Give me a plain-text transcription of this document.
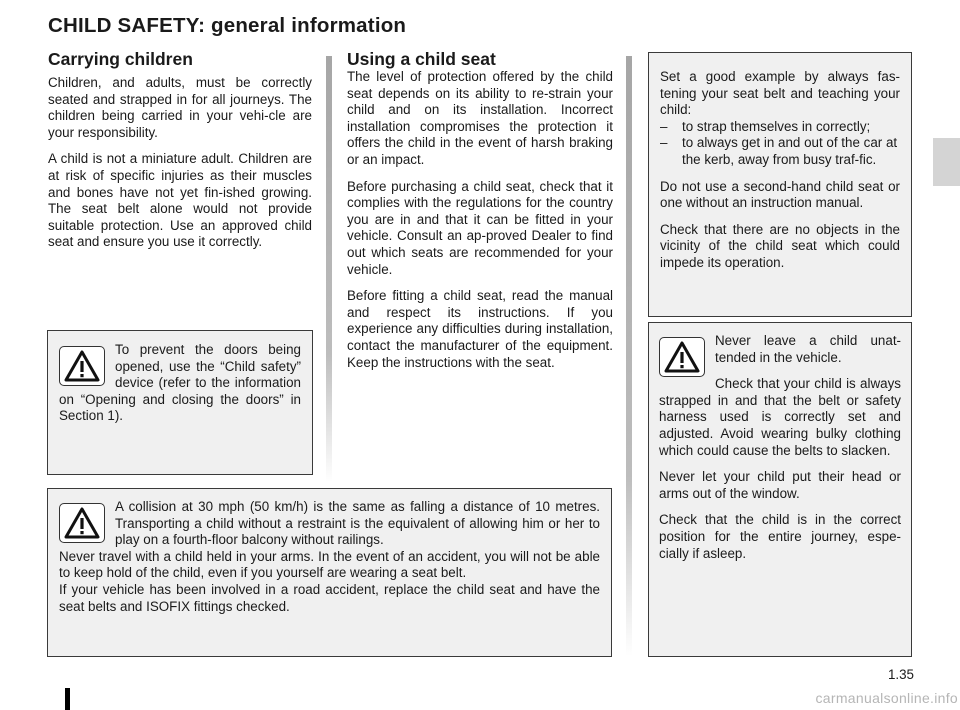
CHILD SAFETY: general information
Carrying children

Children, and adults, must be correctly seated and strapped in for all journeys. The children being carried in your vehi-cle are your responsibility.

A child is not a miniature adult. Children are at risk of specific injuries as their muscles and bones have not yet fin-ished growing. The seat belt alone would not provide suitable protection. Use an approved child seat and ensure you use it correctly.

Using a child seat

The level of protection offered by the child seat depends on its ability to re-strain your child and on its installation. Incorrect installation compromises the protection it offers the child in the event of harsh braking or an impact.

Before purchasing a child seat, check that it complies with the regulations for the country you are in and that it can be fitted in your vehicle. Consult an ap-proved Dealer to find out which seats are recommended for your vehicle.

Before fitting a child seat, read the manual and respect its instructions. If you experience any difficulties during installation, contact the manufacturer of the equipment. Keep the instructions with the seat.

Set a good example by always fas-tening your seat belt and teaching your child:

– to strap themselves in correctly;
– to always get in and out of the car at the kerb, away from busy traf-fic.

Do not use a second-hand child seat or one without an instruction manual.

Check that there are no objects in the vicinity of the child seat which could impede its operation.

To prevent the doors being opened, use the “Child safety” device (refer to the information on “Opening and closing the doors” in Section 1).

A collision at 30 mph (50 km/h) is the same as falling a distance of 10 metres. Transporting a child without a restraint is the equivalent of allowing him or her to play on a fourth-floor balcony without railings.

Never travel with a child held in your arms. In the event of an accident, you will not be able to keep hold of the child, even if you yourself are wearing a seat belt.

If your vehicle has been involved in a road accident, replace the child seat and have the seat belts and ISOFIX fittings checked.

Never leave a child unat-tended in the vehicle.

Check that your child is always strapped in and that the belt or safety harness used is correctly set and adjusted. Avoid wearing bulky clothing which could cause the belts to slacken.

Never let your child put their head or arms out of the window.

Check that the child is in the correct position for the entire journey, espe-cially if asleep.

1.35
carmanualsonline.info
